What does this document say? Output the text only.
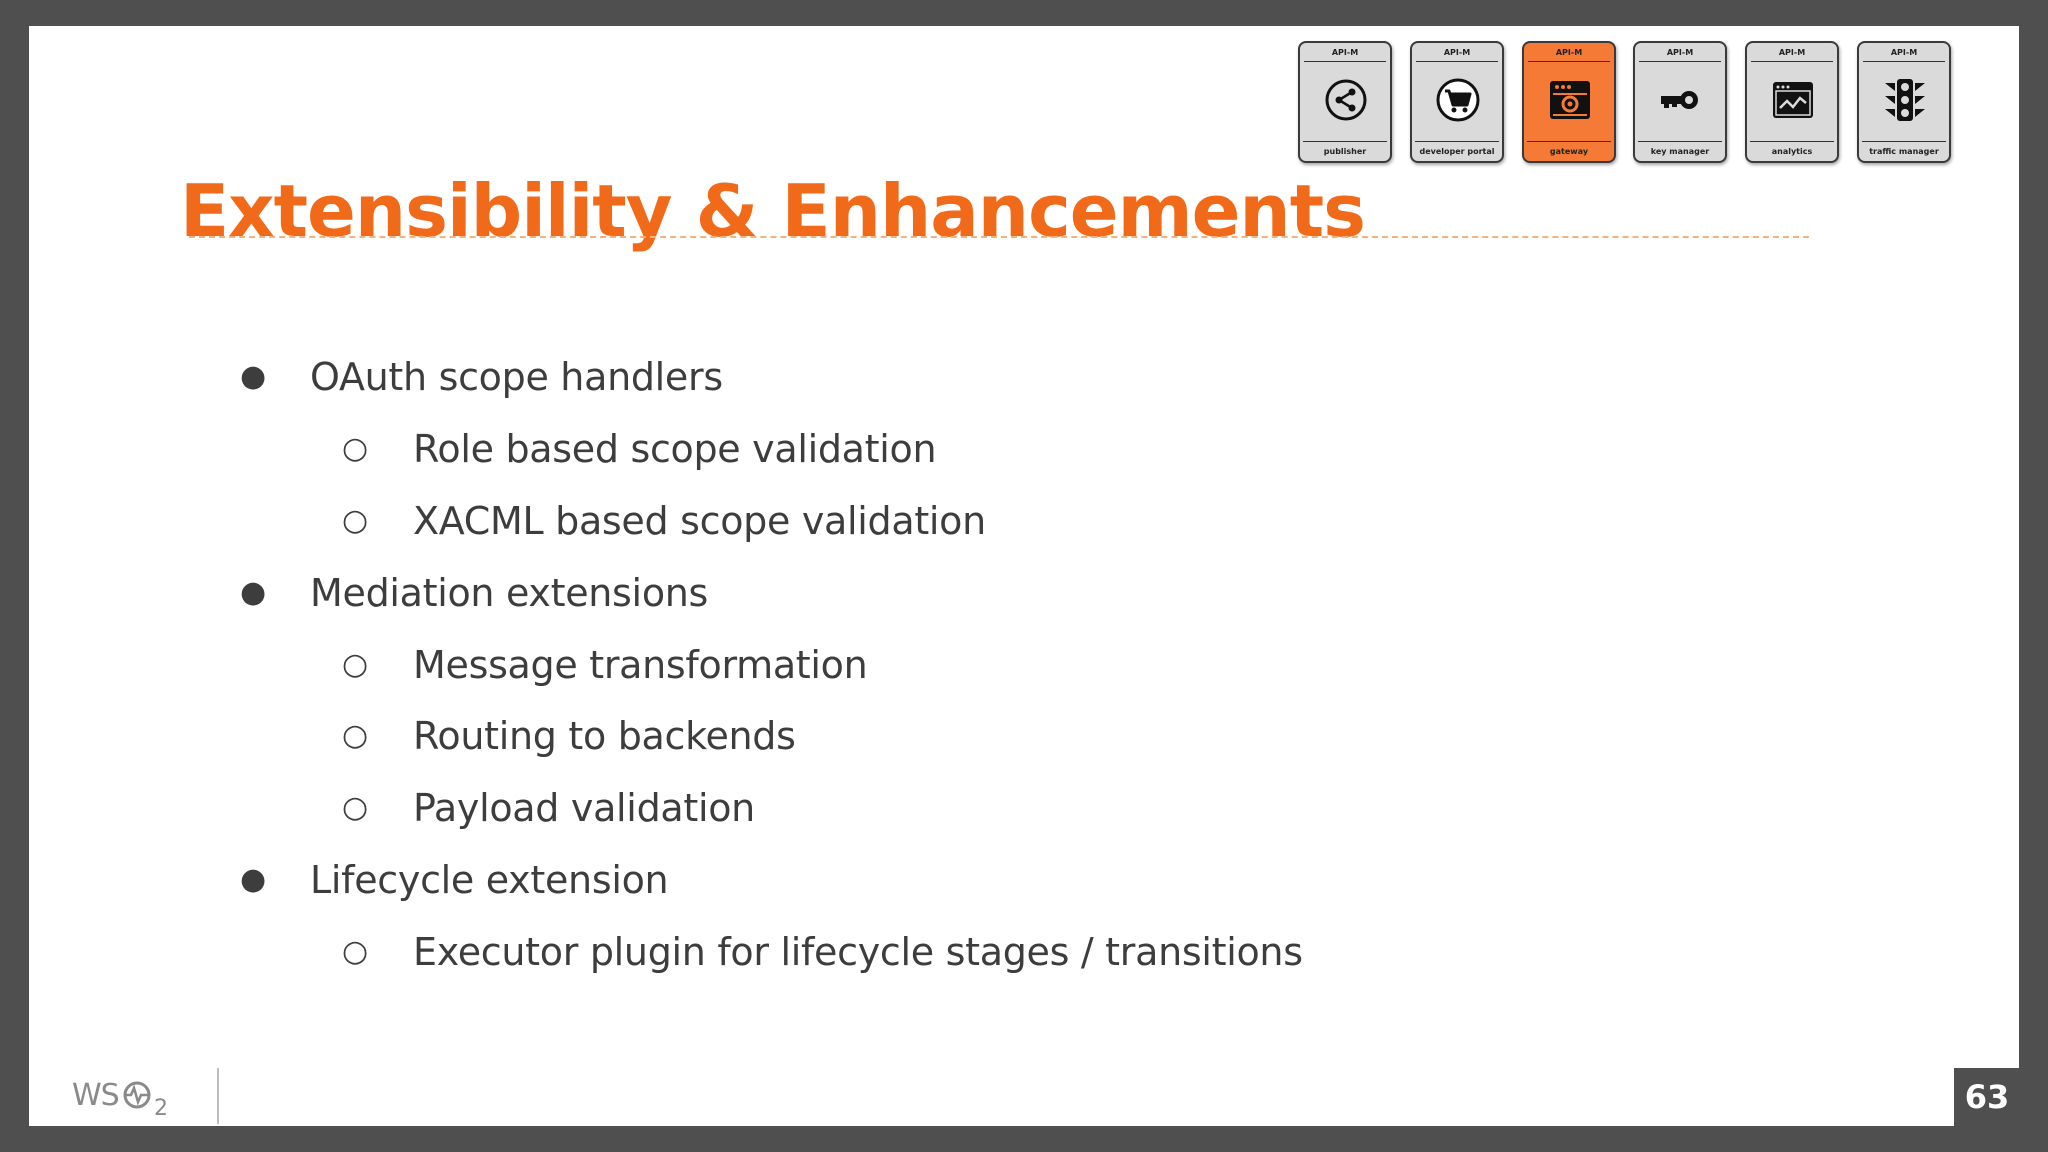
API-M
publisher
API-M
developer portal
API-M
gateway
API-M
key manager
API-M
analytics
API-M
traffic manager
Extensibility & Enhancements
● OAuth scope handlers
○ Role based scope validation
○ XACML based scope validation
● Mediation extensions
○ Message transformation
○ Routing to backends
○ Payload validation
● Lifecycle extension
○ Executor plugin for lifecycle stages / transitions
WS 2	63
